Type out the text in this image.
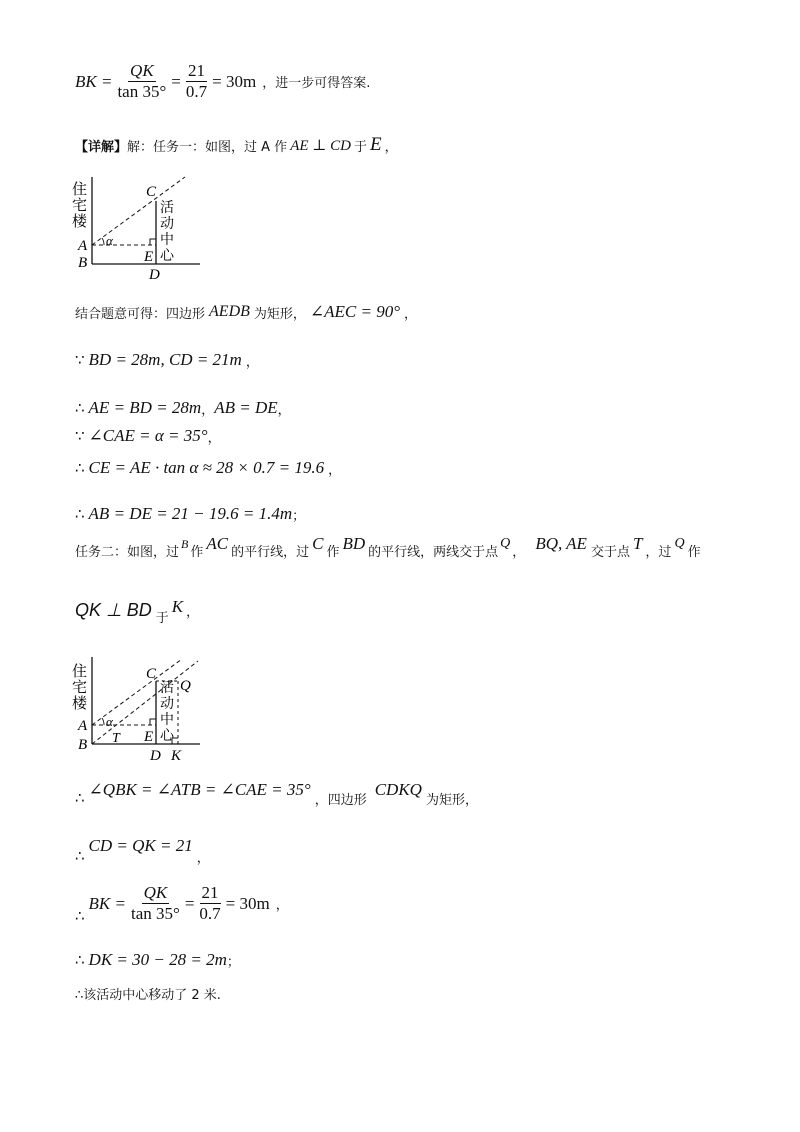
BK = $\frac{QK}{\tan 35^\circ} = \frac{21}{0.7} = 30m$ ，进一步可得答案.
【详解】 解：任务一：如图，过 A 作 AE ⊥ CD 于 E ，
住
宅
楼
活
动
中
心
C
A
B	E
D
α
结合题意可得：四边形 AEDB 为矩形， ∠AEC = 90° ，
∵ BD = 28m, CD = 21m ，
∴ AE = BD = 28m ， AB = DE ，
∵ ∠CAE = α = 35° ，
∴ CE = AE · tan α ≈ 28 × 0.7 = 19.6 ，
∴ AB = DE = 21 − 19.6 = 1.4m ；
任务二：如图，过
B
作 AC 的平行线，过 C 作 BD 的平行线，两线交于点
Q
， BQ, AE 交于点 T ，过
Q
作
QK ⊥ BD 于
K ，
住
宅
楼
活
动
中
心
C
Q
A
B T E
D K
α
∴ ∠QBK = ∠ATB = ∠CAE = 35°
，四边形
CDKQ
为矩形，
∴
CD = QK = 21
，
∴
BK = $\frac{QK}{\tan 35^\circ} = \frac{21}{0.7} = 30m$ ，
∴ DK = 30 − 28 = 2m ；
∴该活动中心移动了 2 米.
